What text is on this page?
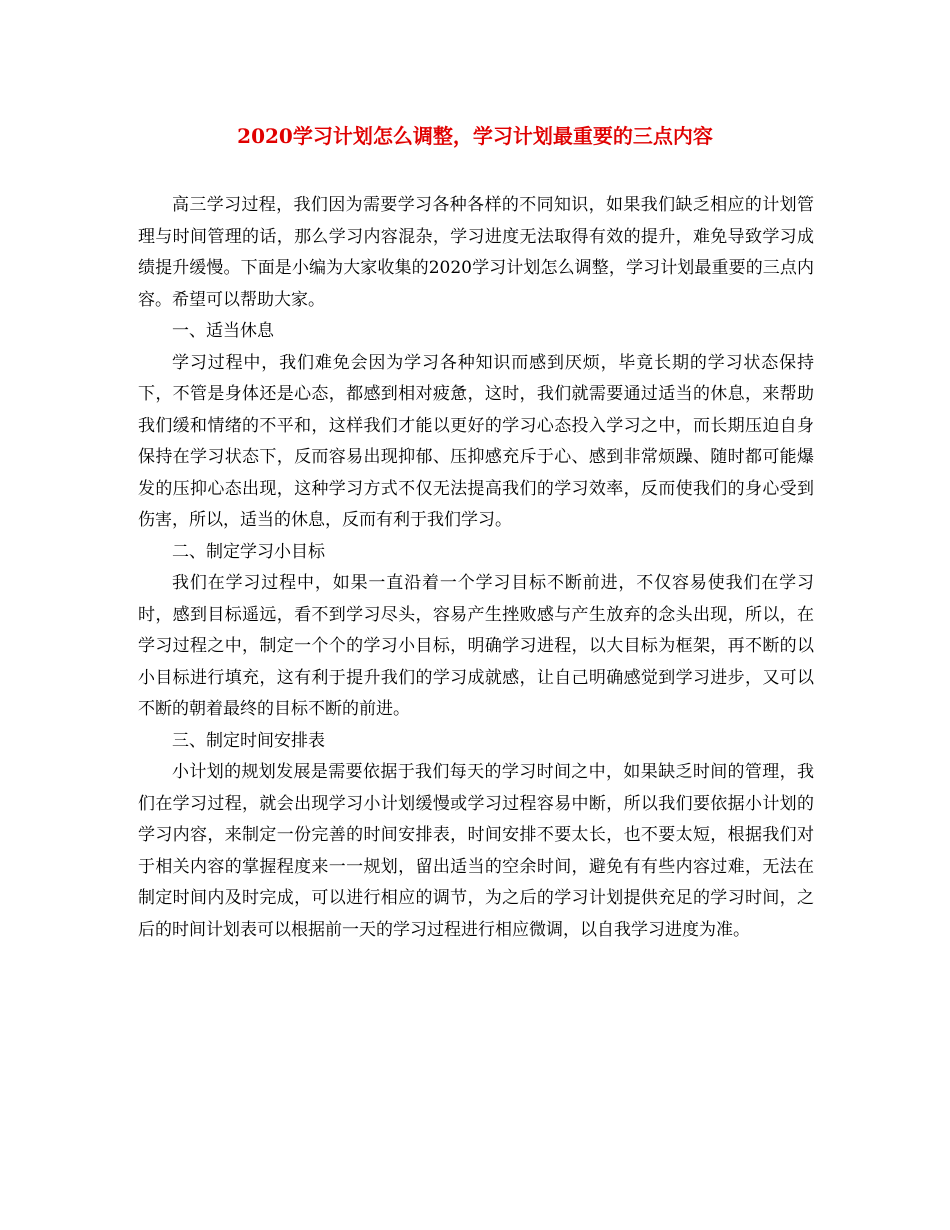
2020学习计划怎么调整，学习计划最重要的三点内容

高三学习过程，我们因为需要学习各种各样的不同知识，如果我们缺乏相应的计划管理与时间管理的话，那么学习内容混杂，学习进度无法取得有效的提升，难免导致学习成绩提升缓慢。下面是小编为大家收集的2020学习计划怎么调整，学习计划最重要的三点内容。希望可以帮助大家。

一、适当休息

学习过程中，我们难免会因为学习各种知识而感到厌烦，毕竟长期的学习状态保持下，不管是身体还是心态，都感到相对疲惫，这时，我们就需要通过适当的休息，来帮助我们缓和情绪的不平和，这样我们才能以更好的学习心态投入学习之中，而长期压迫自身保持在学习状态下，反而容易出现抑郁、压抑感充斥于心、感到非常烦躁、随时都可能爆发的压抑心态出现，这种学习方式不仅无法提高我们的学习效率，反而使我们的身心受到伤害，所以，适当的休息，反而有利于我们学习。

二、制定学习小目标

我们在学习过程中，如果一直沿着一个学习目标不断前进，不仅容易使我们在学习时，感到目标遥远，看不到学习尽头，容易产生挫败感与产生放弃的念头出现，所以，在学习过程之中，制定一个个的学习小目标，明确学习进程，以大目标为框架，再不断的以小目标进行填充，这有利于提升我们的学习成就感，让自己明确感觉到学习进步，又可以不断的朝着最终的目标不断的前进。

三、制定时间安排表

小计划的规划发展是需要依据于我们每天的学习时间之中，如果缺乏时间的管理，我们在学习过程，就会出现学习小计划缓慢或学习过程容易中断，所以我们要依据小计划的学习内容，来制定一份完善的时间安排表，时间安排不要太长，也不要太短，根据我们对于相关内容的掌握程度来一一规划，留出适当的空余时间，避免有有些内容过难，无法在制定时间内及时完成，可以进行相应的调节，为之后的学习计划提供充足的学习时间，之后的时间计划表可以根据前一天的学习过程进行相应微调，以自我学习进度为准。
